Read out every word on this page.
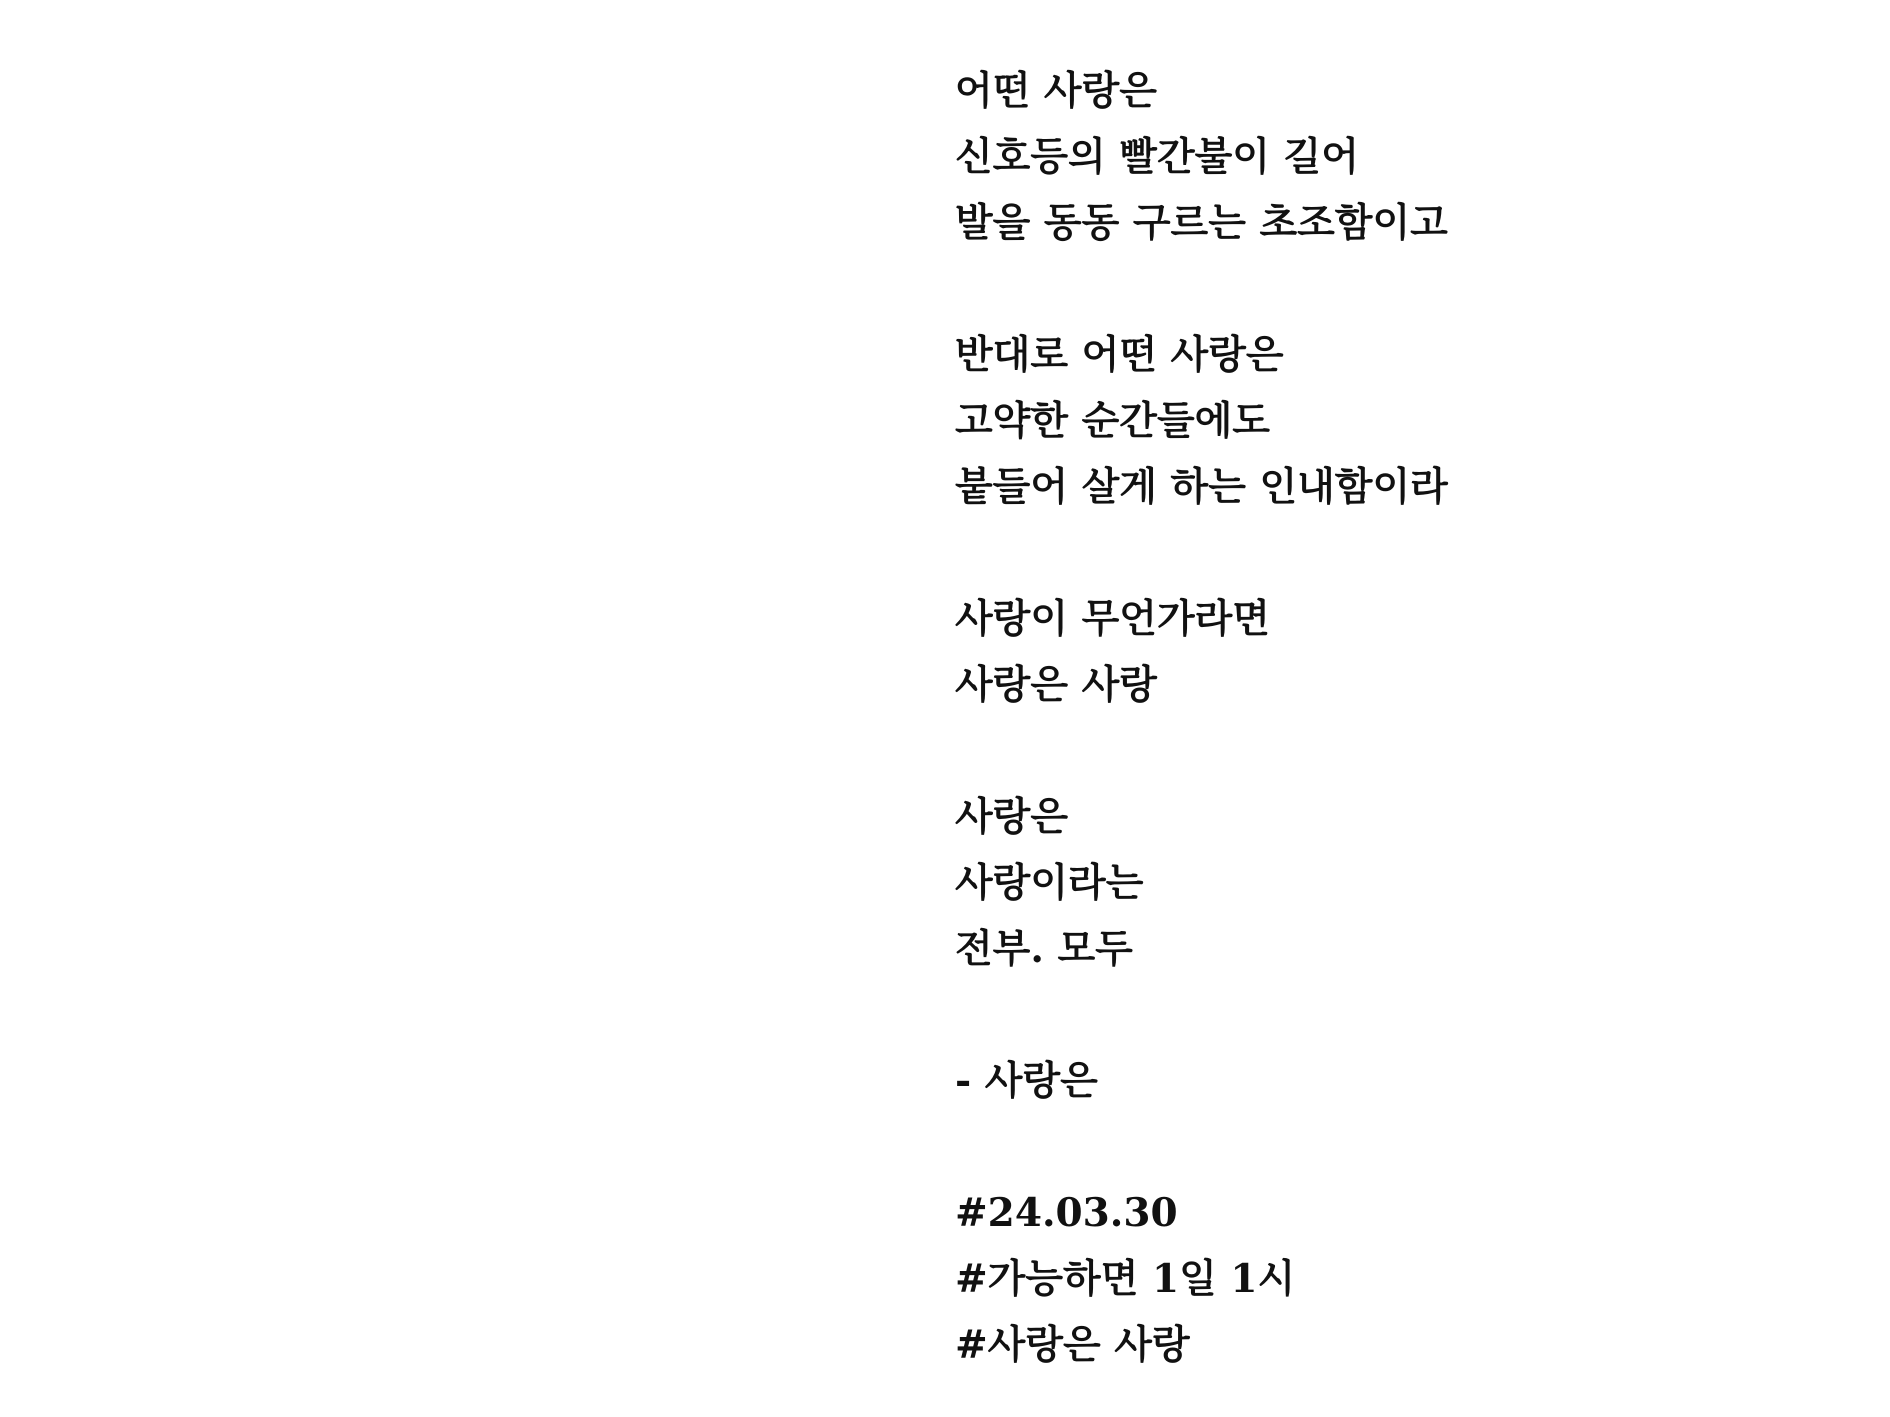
어떤 사랑은
신호등의 빨간불이 길어
발을 동동 구르는 초조함이고
반대로 어떤 사랑은
고약한 순간들에도
붙들어 살게 하는 인내함이라
사랑이 무언가라면
사랑은 사랑
사랑은
사랑이라는
전부. 모두
- 사랑은
#24.03.30
#가능하면 1일 1시
#사랑은 사랑
